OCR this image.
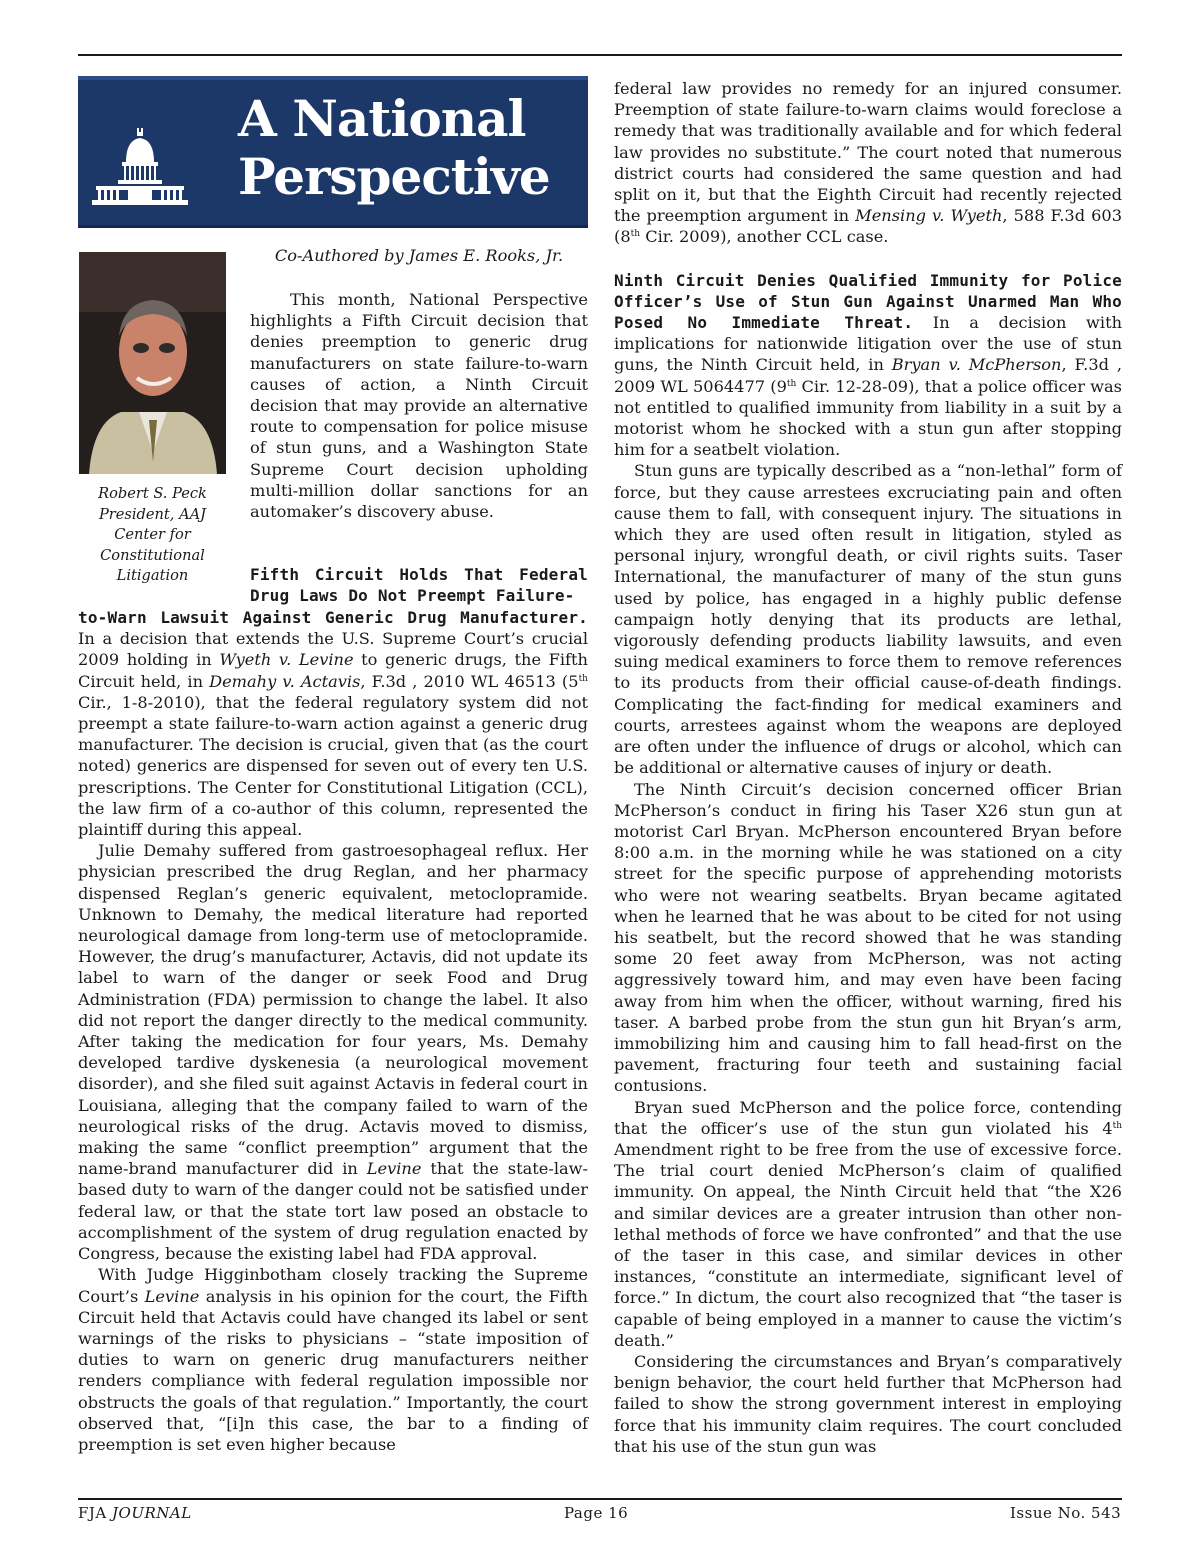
A National
Perspective
Co-Authored by James E. Rooks, Jr.
Robert S. Peck
President, AAJ
Center for
Constitutional
Litigation

This month, National Perspective highlights a Fifth Circuit decision that denies preemption to generic drug manufacturers on state failure-to-warn causes of action, a Ninth Circuit decision that may provide an alternative route to compensation for police misuse of stun guns, and a Washington State Supreme Court decision upholding multi-million dollar sanctions for an automaker’s discovery abuse.

Fifth Circuit Holds That Federal Drug Laws Do Not Preempt Failure-

to-Warn Lawsuit Against Generic Drug Manufacturer. In a decision that extends the U.S. Supreme Court’s crucial 2009 holding in Wyeth v. Levine to generic drugs, the Fifth Circuit held, in Demahy v. Actavis, F.3d , 2010 WL 46513 (5th Cir., 1-8-2010), that the federal regulatory system did not preempt a state failure-to-warn action against a generic drug manufacturer. The decision is crucial, given that (as the court noted) generics are dispensed for seven out of every ten U.S. prescriptions. The Center for Constitutional Litigation (CCL), the law firm of a co-author of this column, represented the plaintiff during this appeal.

Julie Demahy suffered from gastroesophageal reflux. Her physician prescribed the drug Reglan, and her pharmacy dispensed Reglan’s generic equivalent, metoclopramide. Unknown to Demahy, the medical literature had reported neurological damage from long-term use of metoclopramide. However, the drug’s manufacturer, Actavis, did not update its label to warn of the danger or seek Food and Drug Administration (FDA) permission to change the label. It also did not report the danger directly to the medical community. After taking the medication for four years, Ms. Demahy developed tardive dyskenesia (a neurological movement disorder), and she filed suit against Actavis in federal court in Louisiana, alleging that the company failed to warn of the neurological risks of the drug. Actavis moved to dismiss, making the same “conflict preemption” argument that the name-brand manufacturer did in Levine that the state-law-based duty to warn of the danger could not be satisfied under federal law, or that the state tort law posed an obstacle to accomplishment of the system of drug regulation enacted by Congress, because the existing label had FDA approval.

With Judge Higginbotham closely tracking the Supreme Court’s Levine analysis in his opinion for the court, the Fifth Circuit held that Actavis could have changed its label or sent warnings of the risks to physicians – “state imposition of duties to warn on generic drug manufacturers neither renders compliance with federal regulation impossible nor obstructs the goals of that regulation.” Importantly, the court observed that, “[i]n this case, the bar to a finding of preemption is set even higher because

federal law provides no remedy for an injured consumer. Preemption of state failure-to-warn claims would foreclose a remedy that was traditionally available and for which federal law provides no substitute.” The court noted that numerous district courts had considered the same question and had split on it, but that the Eighth Circuit had recently rejected the preemption argument in Mensing v. Wyeth, 588 F.3d 603 (8th Cir. 2009), another CCL case.

Ninth Circuit Denies Qualified Immunity for Police Officer’s Use of Stun Gun Against Unarmed Man Who Posed No Immediate Threat. In a decision with implications for nationwide litigation over the use of stun guns, the Ninth Circuit held, in Bryan v. McPherson, F.3d , 2009 WL 5064477 (9th Cir. 12-28-09), that a police officer was not entitled to qualified immunity from liability in a suit by a motorist whom he shocked with a stun gun after stopping him for a seatbelt violation.

Stun guns are typically described as a “non-lethal” form of force, but they cause arrestees excruciating pain and often cause them to fall, with consequent injury. The situations in which they are used often result in litigation, styled as personal injury, wrongful death, or civil rights suits. Taser International, the manufacturer of many of the stun guns used by police, has engaged in a highly public defense campaign hotly denying that its products are lethal, vigorously defending products liability lawsuits, and even suing medical examiners to force them to remove references to its products from their official cause-of-death findings. Complicating the fact-finding for medical examiners and courts, arrestees against whom the weapons are deployed are often under the influence of drugs or alcohol, which can be additional or alternative causes of injury or death.

The Ninth Circuit’s decision concerned officer Brian McPherson’s conduct in firing his Taser X26 stun gun at motorist Carl Bryan. McPherson encountered Bryan before 8:00 a.m. in the morning while he was stationed on a city street for the specific purpose of apprehending motorists who were not wearing seatbelts. Bryan became agitated when he learned that he was about to be cited for not using his seatbelt, but the record showed that he was standing some 20 feet away from McPherson, was not acting aggressively toward him, and may even have been facing away from him when the officer, without warning, fired his taser. A barbed probe from the stun gun hit Bryan’s arm, immobilizing him and causing him to fall head-first on the pavement, fracturing four teeth and sustaining facial contusions.

Bryan sued McPherson and the police force, contending that the officer’s use of the stun gun violated his 4th Amendment right to be free from the use of excessive force. The trial court denied McPherson’s claim of qualified immunity. On appeal, the Ninth Circuit held that “the X26 and similar devices are a greater intrusion than other non-lethal methods of force we have confronted” and that the use of the taser in this case, and similar devices in other instances, “constitute an intermediate, significant level of force.” In dictum, the court also recognized that “the taser is capable of being employed in a manner to cause the victim’s death.”

Considering the circumstances and Bryan’s comparatively benign behavior, the court held further that McPherson had failed to show the strong government interest in employing force that his immunity claim requires. The court concluded that his use of the stun gun was

FJA JOURNAL	Page 16	Issue No. 543
